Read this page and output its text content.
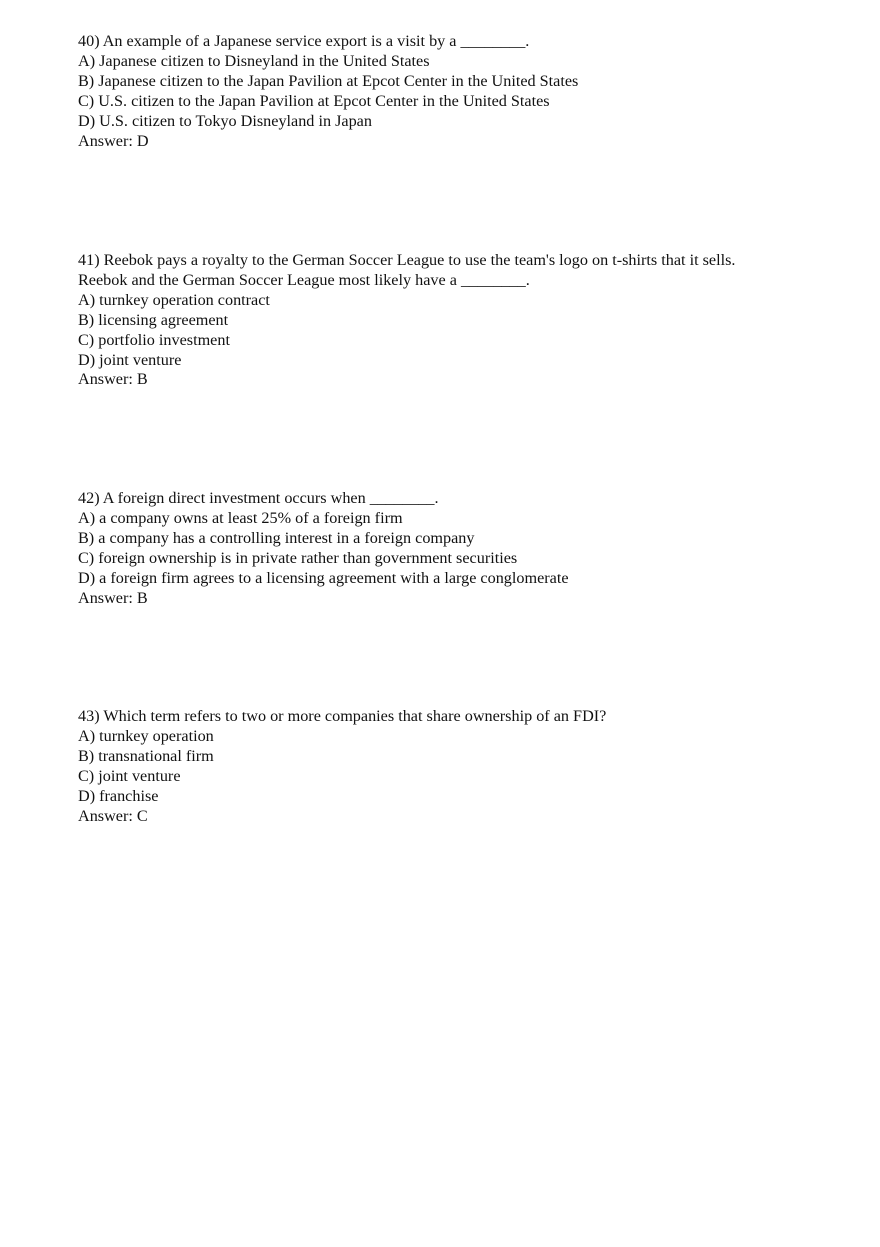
40) An example of a Japanese service export is a visit by a ________.
A) Japanese citizen to Disneyland in the United States
B) Japanese citizen to the Japan Pavilion at Epcot Center in the United States
C) U.S. citizen to the Japan Pavilion at Epcot Center in the United States
D) U.S. citizen to Tokyo Disneyland in Japan
Answer: D
41) Reebok pays a royalty to the German Soccer League to use the team's logo on t-shirts that it sells.
Reebok and the German Soccer League most likely have a ________.
A) turnkey operation contract
B) licensing agreement
C) portfolio investment
D) joint venture
Answer: B
42) A foreign direct investment occurs when ________.
A) a company owns at least 25% of a foreign firm
B) a company has a controlling interest in a foreign company
C) foreign ownership is in private rather than government securities
D) a foreign firm agrees to a licensing agreement with a large conglomerate
Answer: B
43) Which term refers to two or more companies that share ownership of an FDI?
A) turnkey operation
B) transnational firm
C) joint venture
D) franchise
Answer: C
